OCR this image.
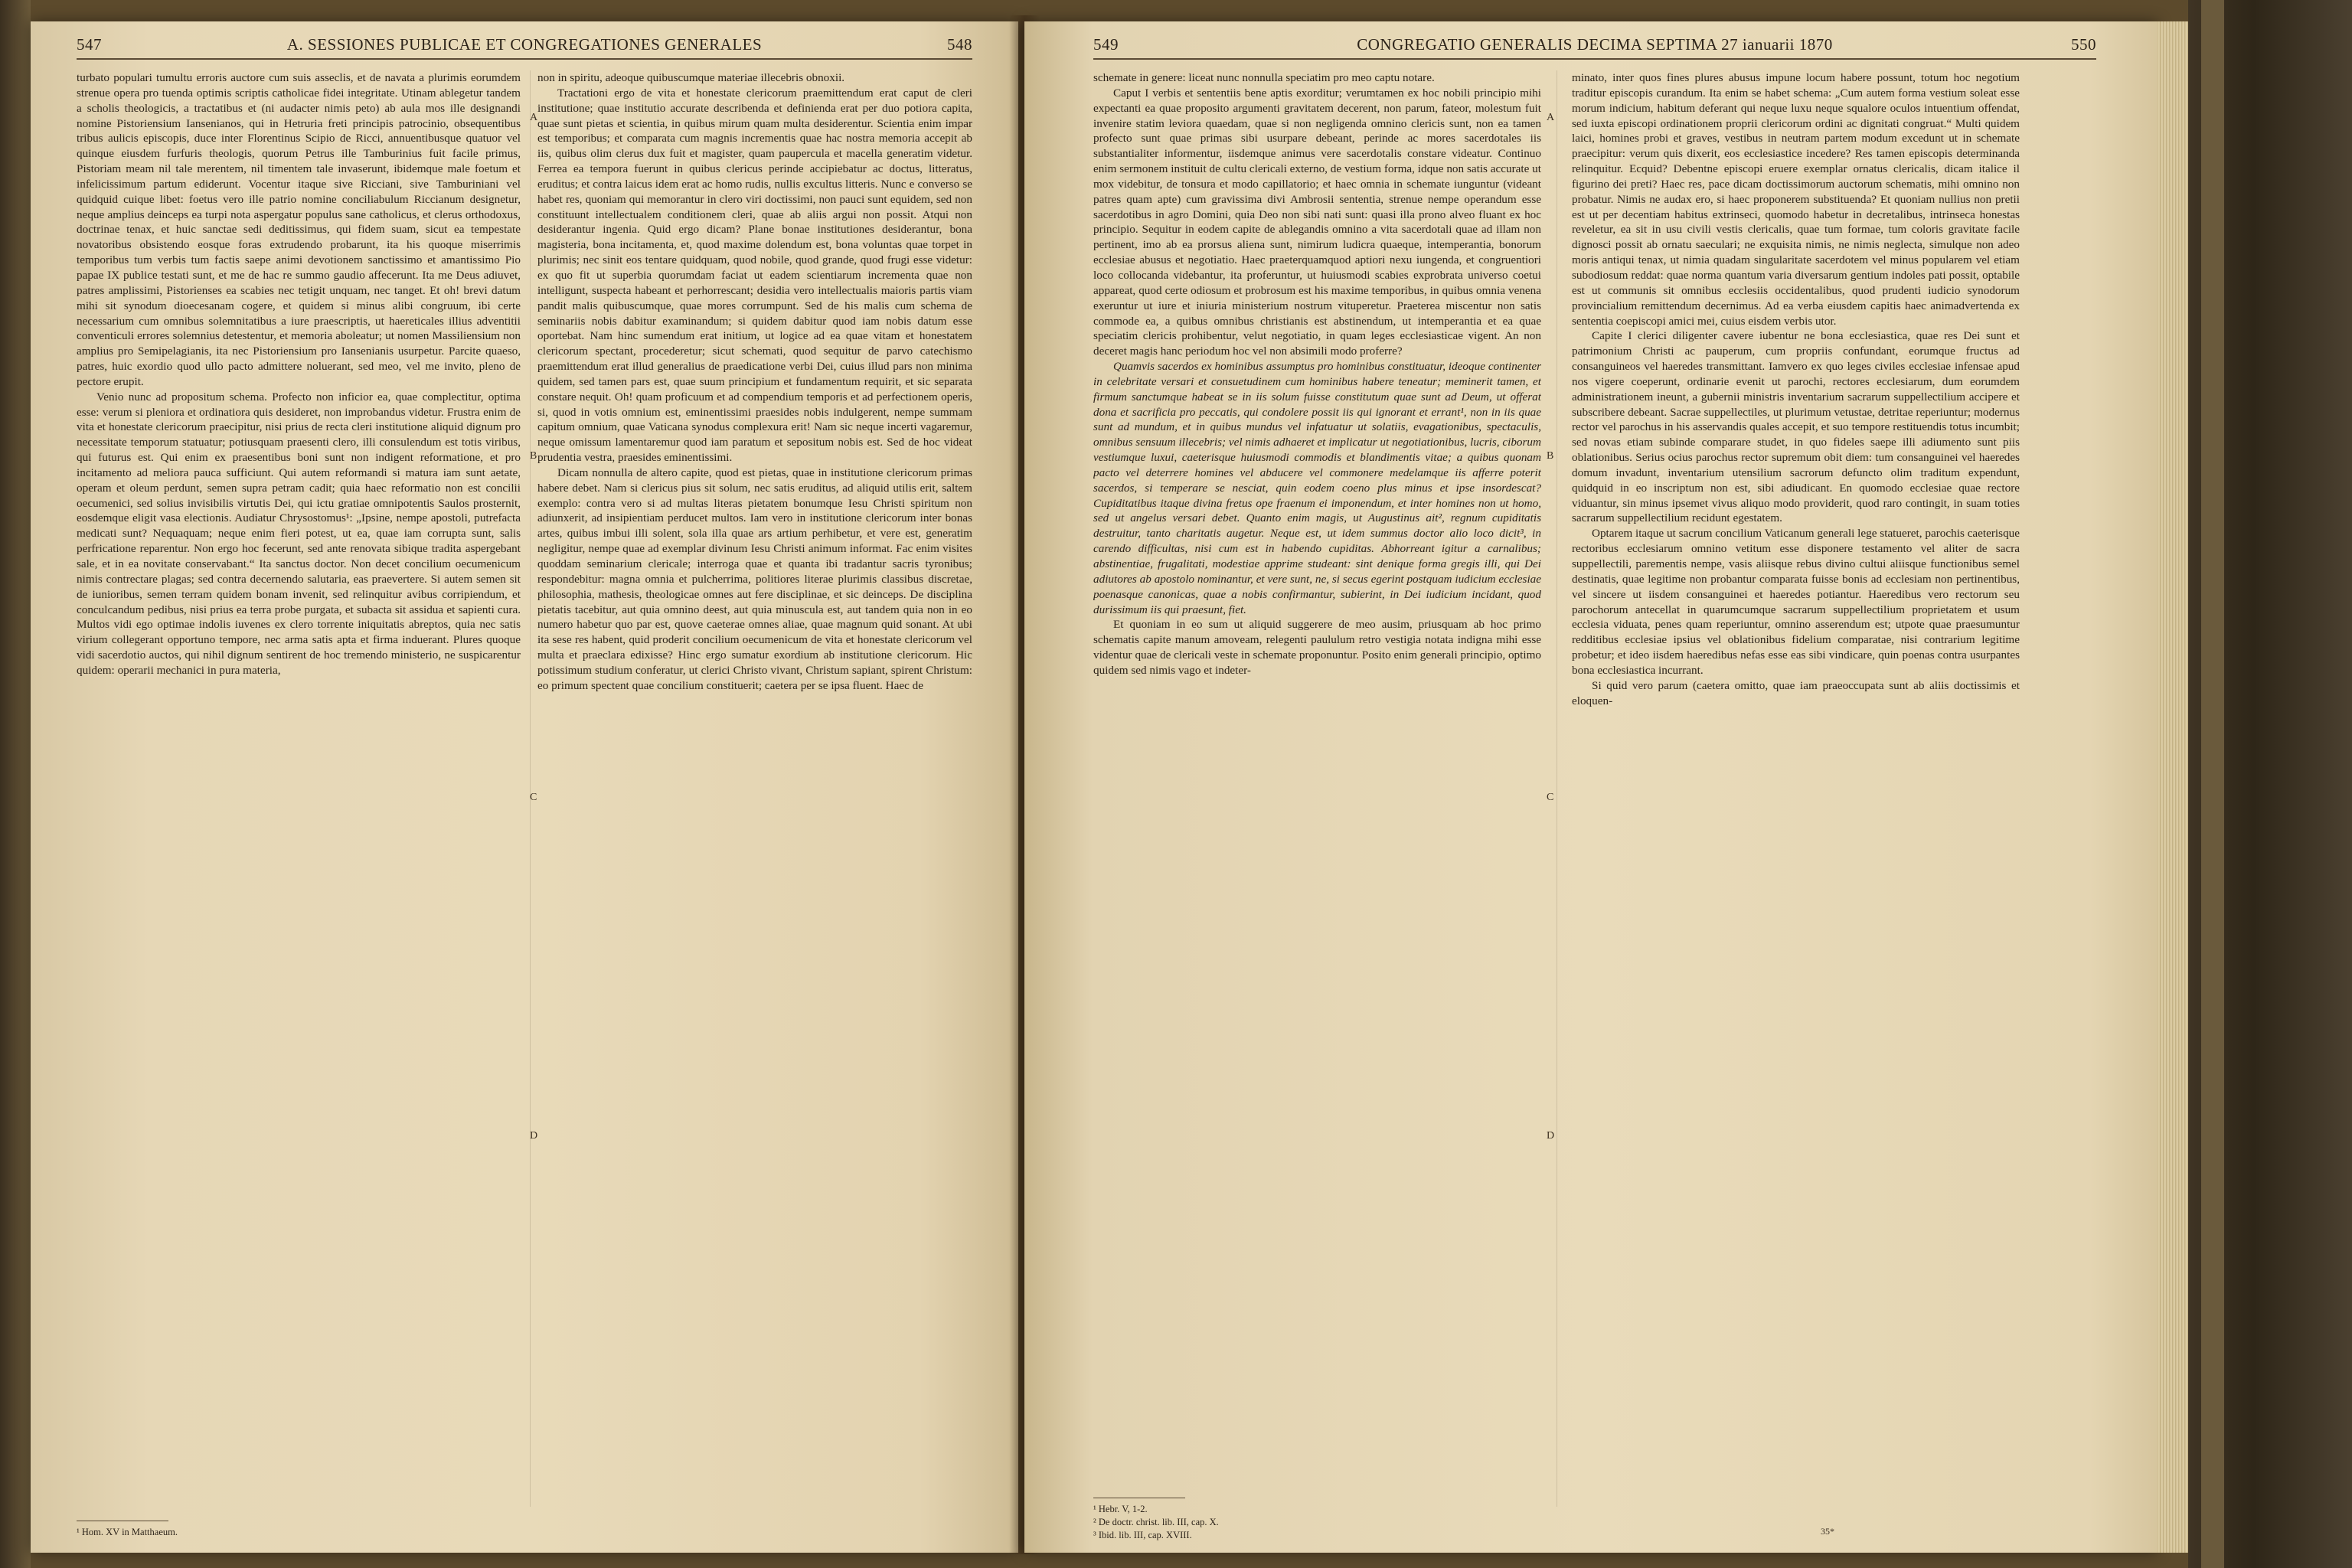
547	A. SESSIONES PUBLICAE ET CONGREGATIONES GENERALES	548

turbato populari tumultu erroris auctore cum suis asseclis, et de navata a plurimis eorumdem strenue opera pro tuenda optimis scriptis catholicae fidei integritate. Utinam ablegetur tandem a scholis theologicis, a tractatibus et (ni audacter nimis peto) ab aula mos ille designandi nomine Pistoriensium Iansenianos, qui in Hetruria freti principis patrocinio, obsequentibus tribus aulicis episcopis, duce inter Florentinus Scipio de Ricci, annuentibusque quatuor vel quinque eiusdem furfuris theologis, quorum Petrus ille Tamburinius fuit facile primus, Pistoriam meam nil tale merentem, nil timentem tale invaserunt, ibidemque male foetum et infelicissimum partum ediderunt. Vocentur itaque sive Ricciani, sive Tamburiniani vel quidquid cuique libet: foetus vero ille patrio nomine conciliabulum Riccianum designetur, neque amplius deinceps ea turpi nota aspergatur populus sane catholicus, et clerus orthodoxus, doctrinae tenax, et huic sanctae sedi deditissimus, qui fidem suam, sicut ea tempestate novatoribus obsistendo eosque foras extrudendo probarunt, ita his quoque miserrimis temporibus tum verbis tum factis saepe animi devotionem sanctissimo et amantissimo Pio papae IX publice testati sunt, et me de hac re summo gaudio affecerunt. Ita me Deus adiuvet, patres amplissimi, Pistorienses ea scabies nec tetigit unquam, nec tanget. Et oh! brevi datum mihi sit synodum dioecesanam cogere, et quidem si minus alibi congruum, ibi certe necessarium cum omnibus solemnitatibus a iure praescriptis, ut haereticales illius adventitii conventiculi errores solemnius detestentur, et memoria aboleatur; ut nomen Massiliensium non amplius pro Semipelagianis, ita nec Pistoriensium pro Iansenianis usurpetur. Parcite quaeso, patres, huic exordio quod ullo pacto admittere noluerant, sed meo, vel me invito, pleno de pectore erupit.

Venio nunc ad propositum schema. Profecto non inficior ea, quae complectitur, optima esse: verum si pleniora et ordinatiora quis desideret, non improbandus videtur. Frustra enim de vita et honestate clericorum praecipitur, nisi prius de recta cleri institutione aliquid dignum pro necessitate temporum statuatur; potiusquam praesenti clero, illi consulendum est totis viribus, qui futurus est. Qui enim ex praesentibus boni sunt non indigent reformatione, et pro incitamento ad meliora pauca sufficiunt. Qui autem reformandi si matura iam sunt aetate, operam et oleum perdunt, semen supra petram cadit; quia haec reformatio non est concilii oecumenici, sed solius invisibilis virtutis Dei, qui ictu gratiae omnipotentis Saulos prosternit, eosdemque eligit vasa electionis. Audiatur Chrysostomus¹: „Ipsine, nempe apostoli, putrefacta medicati sunt? Nequaquam; neque enim fieri potest, ut ea, quae iam corrupta sunt, salis perfricatione reparentur. Non ergo hoc fecerunt, sed ante renovata sibique tradita aspergebant sale, et in ea novitate conservabant.“ Ita sanctus doctor. Non decet concilium oecumenicum nimis contrectare plagas; sed contra decernendo salutaria, eas praevertere. Si autem semen sit de iunioribus, semen terram quidem bonam invenit, sed relinquitur avibus corripiendum, et conculcandum pedibus, nisi prius ea terra probe purgata, et subacta sit assidua et sapienti cura. Multos vidi ego optimae indolis iuvenes ex clero torrente iniquitatis abreptos, quia nec satis virium collegerant opportuno tempore, nec arma satis apta et firma induerant. Plures quoque vidi sacerdotio auctos, qui nihil dignum sentirent de hoc tremendo ministerio, ne suspicarentur quidem: operarii mechanici in pura materia,

non in spiritu, adeoque quibuscumque materiae illecebris obnoxii.

Tractationi ergo de vita et honestate clericorum praemittendum erat caput de cleri institutione; quae institutio accurate describenda et definienda erat per duo potiora capita, quae sunt pietas et scientia, in quibus mirum quam multa desiderentur. Scientia enim impar est temporibus; et comparata cum magnis incrementis quae hac nostra memoria accepit ab iis, quibus olim clerus dux fuit et magister, quam paupercula et macella generatim videtur. Ferrea ea tempora fuerunt in quibus clericus perinde accipiebatur ac doctus, litteratus, eruditus; et contra laicus idem erat ac homo rudis, nullis excultus litteris. Nunc e converso se habet res, quoniam qui memorantur in clero viri doctissimi, non pauci sunt equidem, sed non constituunt intellectualem conditionem cleri, quae ab aliis argui non possit. Atqui non desiderantur ingenia. Quid ergo dicam? Plane bonae institutiones desiderantur, bona magisteria, bona incitamenta, et, quod maxime dolendum est, bona voluntas quae torpet in plurimis; nec sinit eos tentare quidquam, quod nobile, quod grande, quod frugi esse videtur: ex quo fit ut superbia quorumdam faciat ut eadem scientiarum incrementa quae non intelligunt, suspecta habeant et perhorrescant; desidia vero intellectualis maioris partis viam pandit malis quibuscumque, quae mores corrumpunt. Sed de his malis cum schema de seminariis nobis dabitur examinandum; si quidem dabitur quod iam nobis datum esse oportebat. Nam hinc sumendum erat initium, ut logice ad ea quae vitam et honestatem clericorum spectant, procederetur; sicut schemati, quod sequitur de parvo catechismo praemittendum erat illud generalius de praedicatione verbi Dei, cuius illud pars non minima quidem, sed tamen pars est, quae suum principium et fundamentum requirit, et sic separata constare nequit. Oh! quam proficuum et ad compendium temporis et ad perfectionem operis, si, quod in votis omnium est, eminentissimi praesides nobis indulgerent, nempe summam capitum omnium, quae Vaticana synodus complexura erit! Nam sic neque incerti vagaremur, neque omissum lamentaremur quod iam paratum et sepositum nobis est. Sed de hoc videat prudentia vestra, praesides eminentissimi.

Dicam nonnulla de altero capite, quod est pietas, quae in institutione clericorum primas habere debet. Nam si clericus pius sit solum, nec satis eruditus, ad aliquid utilis erit, saltem exemplo: contra vero si ad multas literas pietatem bonumque Iesu Christi spiritum non adiunxerit, ad insipientiam perducet multos. Iam vero in institutione clericorum inter bonas artes, quibus imbui illi solent, sola illa quae ars artium perhibetur, et vere est, generatim negligitur, nempe quae ad exemplar divinum Iesu Christi animum informat. Fac enim visites quoddam seminarium clericale; interroga quae et quanta ibi tradantur sacris tyronibus; respondebitur: magna omnia et pulcherrima, politiores literae plurimis classibus discretae, philosophia, mathesis, theologicae omnes aut fere disciplinae, et sic deinceps. De disciplina pietatis tacebitur, aut quia omnino deest, aut quia minuscula est, aut tandem quia non in eo numero habetur quo par est, quove caeterae omnes aliae, quae magnum quid sonant. At ubi ita sese res habent, quid proderit concilium oecumenicum de vita et honestate clericorum vel multa et praeclara edixisse? Hinc ergo sumatur exordium ab institutione clericorum. Hic potissimum studium conferatur, ut clerici Christo vivant, Christum sapiant, spirent Christum: eo primum spectent quae concilium constituerit; caetera per se ipsa fluent. Haec de

A
B
C
D
¹ Hom. XV in Matthaeum.
549	CONGREGATIO GENERALIS DECIMA SEPTIMA 27 ianuarii 1870	550

schemate in genere: liceat nunc nonnulla speciatim pro meo captu notare.

Caput I verbis et sententiis bene aptis exorditur; verumtamen ex hoc nobili principio mihi expectanti ea quae proposito argumenti gravitatem decerent, non parum, fateor, molestum fuit invenire statim leviora quaedam, quae si non negligenda omnino clericis sunt, non ea tamen profecto sunt quae primas sibi usurpare debeant, perinde ac mores sacerdotales iis substantialiter informentur, iisdemque animus vere sacerdotalis constare videatur. Continuo enim sermonem instituit de cultu clericali externo, de vestium forma, idque non satis accurate ut mox videbitur, de tonsura et modo capillatorio; et haec omnia in schemate iunguntur (videant patres quam apte) cum gravissima divi Ambrosii sententia, strenue nempe operandum esse sacerdotibus in agro Domini, quia Deo non sibi nati sunt: quasi illa prono alveo fluant ex hoc principio. Sequitur in eodem capite de ablegandis omnino a vita sacerdotali quae ad illam non pertinent, imo ab ea prorsus aliena sunt, nimirum ludicra quaeque, intemperantia, bonorum ecclesiae abusus et negotiatio. Haec praeterquamquod aptiori nexu iungenda, et congruentiori loco collocanda videbantur, ita proferuntur, ut huiusmodi scabies exprobrata universo coetui appareat, quod certe odiosum et probrosum est his maxime temporibus, in quibus omnia venena exeruntur ut iure et iniuria ministerium nostrum vituperetur. Praeterea miscentur non satis commode ea, a quibus omnibus christianis est abstinendum, ut intemperantia et ea quae speciatim clericis prohibentur, velut negotiatio, in quam leges ecclesiasticae vigent. An non deceret magis hanc periodum hoc vel non absimili modo proferre?

Quamvis sacerdos ex hominibus assumptus pro hominibus constituatur, ideoque continenter in celebritate versari et consuetudinem cum hominibus habere teneatur; meminerit tamen, et firmum sanctumque habeat se in iis solum fuisse constitutum quae sunt ad Deum, ut offerat dona et sacrificia pro peccatis, qui condolere possit iis qui ignorant et errant¹, non in iis quae sunt ad mundum, et in quibus mundus vel infatuatur ut solatiis, evagationibus, spectaculis, omnibus sensuum illecebris; vel nimis adhaeret et implicatur ut negotiationibus, lucris, ciborum vestiumque luxui, caeterisque huiusmodi commodis et blandimentis vitae; a quibus quonam pacto vel deterrere homines vel abducere vel commonere medelamque iis afferre poterit sacerdos, si temperare se nesciat, quin eodem coeno plus minus et ipse insordescat? Cupiditatibus itaque divina fretus ope fraenum ei imponendum, et inter homines non ut homo, sed ut angelus versari debet. Quanto enim magis, ut Augustinus ait², regnum cupiditatis destruitur, tanto charitatis augetur. Neque est, ut idem summus doctor alio loco dicit³, in carendo difficultas, nisi cum est in habendo cupiditas. Abhorreant igitur a carnalibus; abstinentiae, frugalitati, modestiae apprime studeant: sint denique forma gregis illi, qui Dei adiutores ab apostolo nominantur, et vere sunt, ne, si secus egerint postquam iudicium ecclesiae poenasque canonicas, quae a nobis confirmantur, subierint, in Dei iudicium incidant, quod durissimum iis qui praesunt, fiet.

Et quoniam in eo sum ut aliquid suggerere de meo ausim, priusquam ab hoc primo schematis capite manum amoveam, relegenti paululum retro vestigia notata indigna mihi esse videntur quae de clericali veste in schemate proponuntur. Posito enim generali principio, optimo quidem sed nimis vago et indeter-

minato, inter quos fines plures abusus impune locum habere possunt, totum hoc negotium traditur episcopis curandum. Ita enim se habet schema: „Cum autem forma vestium soleat esse morum indicium, habitum deferant qui neque luxu neque squalore oculos intuentium offendat, sed iuxta episcopi ordinationem proprii clericorum ordini ac dignitati congruat.“ Multi quidem laici, homines probi et graves, vestibus in neutram partem modum excedunt ut in schemate praecipitur: verum quis dixerit, eos ecclesiasticе incedere? Res tamen episcopis determinanda relinquitur. Ecquid? Debentne episcopi eruere exemplar ornatus clericalis, dicam italice il figurino dei preti? Haec res, pace dicam doctissimorum auctorum schematis, mihi omnino non probatur. Nimis ne audax ero, si haec proponerem substituenda? Et quoniam nullius non pretii est ut per decentiam habitus extrinseci, quomodo habetur in decretalibus, intrinseca honestas reveletur, ea sit in usu civili vestis clericalis, quae tum formae, tum coloris gravitate facile dignosci possit ab ornatu saeculari; ne exquisita nimis, ne nimis neglecta, simulque non adeo moris antiqui tenax, ut nimia quadam singularitate sacerdotem vel minus popularem vel etiam subodiosum reddat: quae norma quantum varia diversarum gentium indoles pati possit, optabile est ut communis sit omnibus ecclesiis occidentalibus, quod prudenti iudicio synodorum provincialium remittendum decernimus. Ad ea verba eiusdem capitis haec animadvertenda ex sententia coepiscopi amici mei, cuius eisdem verbis utor.

Capite I clerici diligenter cavere iubentur ne bona ecclesiastica, quae res Dei sunt et patrimonium Christi ac pauperum, cum propriis confundant, eorumque fructus ad consanguineos vel haeredes transmittant. Iamvero ex quo leges civiles ecclesiae infensae apud nos vigere coeperunt, ordinarie evenit ut parochi, rectores ecclesiarum, dum eorumdem administrationem ineunt, a gubernii ministris inventarium sacrarum suppellectilium accipere et subscribere debeant. Sacrae suppellectiles, ut plurimum vetustae, detritae reperiuntur; modernus rector vel parochus in his asservandis quales accepit, et suo tempore restituendis totus incumbit; sed novas etiam subinde comparare studet, in quo fideles saepe illi adiumento sunt piis oblationibus. Serius ocius parochus rector supremum obit diem: tum consanguinei vel haeredes domum invadunt, inventarium utensilium sacrorum defuncto olim traditum expendunt, quidquid in eo inscriptum non est, sibi adiudicant. En quomodo ecclesiae quae rectore viduantur, sin minus ipsemet vivus aliquo modo providerit, quod raro contingit, in suam toties sacrarum suppellectilium recidunt egestatem.

Optarem itaque ut sacrum concilium Vaticanum generali lege statueret, parochis caeterisque rectoribus ecclesiarum omnino vetitum esse disponere testamento vel aliter de sacra suppellectili, parementis nempe, vasis aliisque rebus divino cultui aliisque functionibus semel destinatis, quae legitime non probantur comparata fuisse bonis ad ecclesiam non pertinentibus, vel sincere ut iisdem consanguinei et haeredes potiantur. Haeredibus vero rectorum seu parochorum antecellat in quarumcumque sacrarum suppellectilium proprietatem et usum ecclesia viduata, penes quam reperiuntur, omnino asserendum est; utpote quae praesumuntur redditibus ecclesiae ipsius vel oblationibus fidelium comparatae, nisi contrarium legitime probetur; et ideo iisdem haeredibus nefas esse eas sibi vindicare, quin poenas contra usurpantes bona ecclesiastica incurrant.

Si quid vero parum (caetera omitto, quae iam praeoccupata sunt ab aliis doctissimis et eloquen-

A
B
C
D
¹ Hebr. V, 1-2.
² De doctr. christ. lib. III, cap. X.
³ Ibid. lib. III, cap. XVIII.	35*
